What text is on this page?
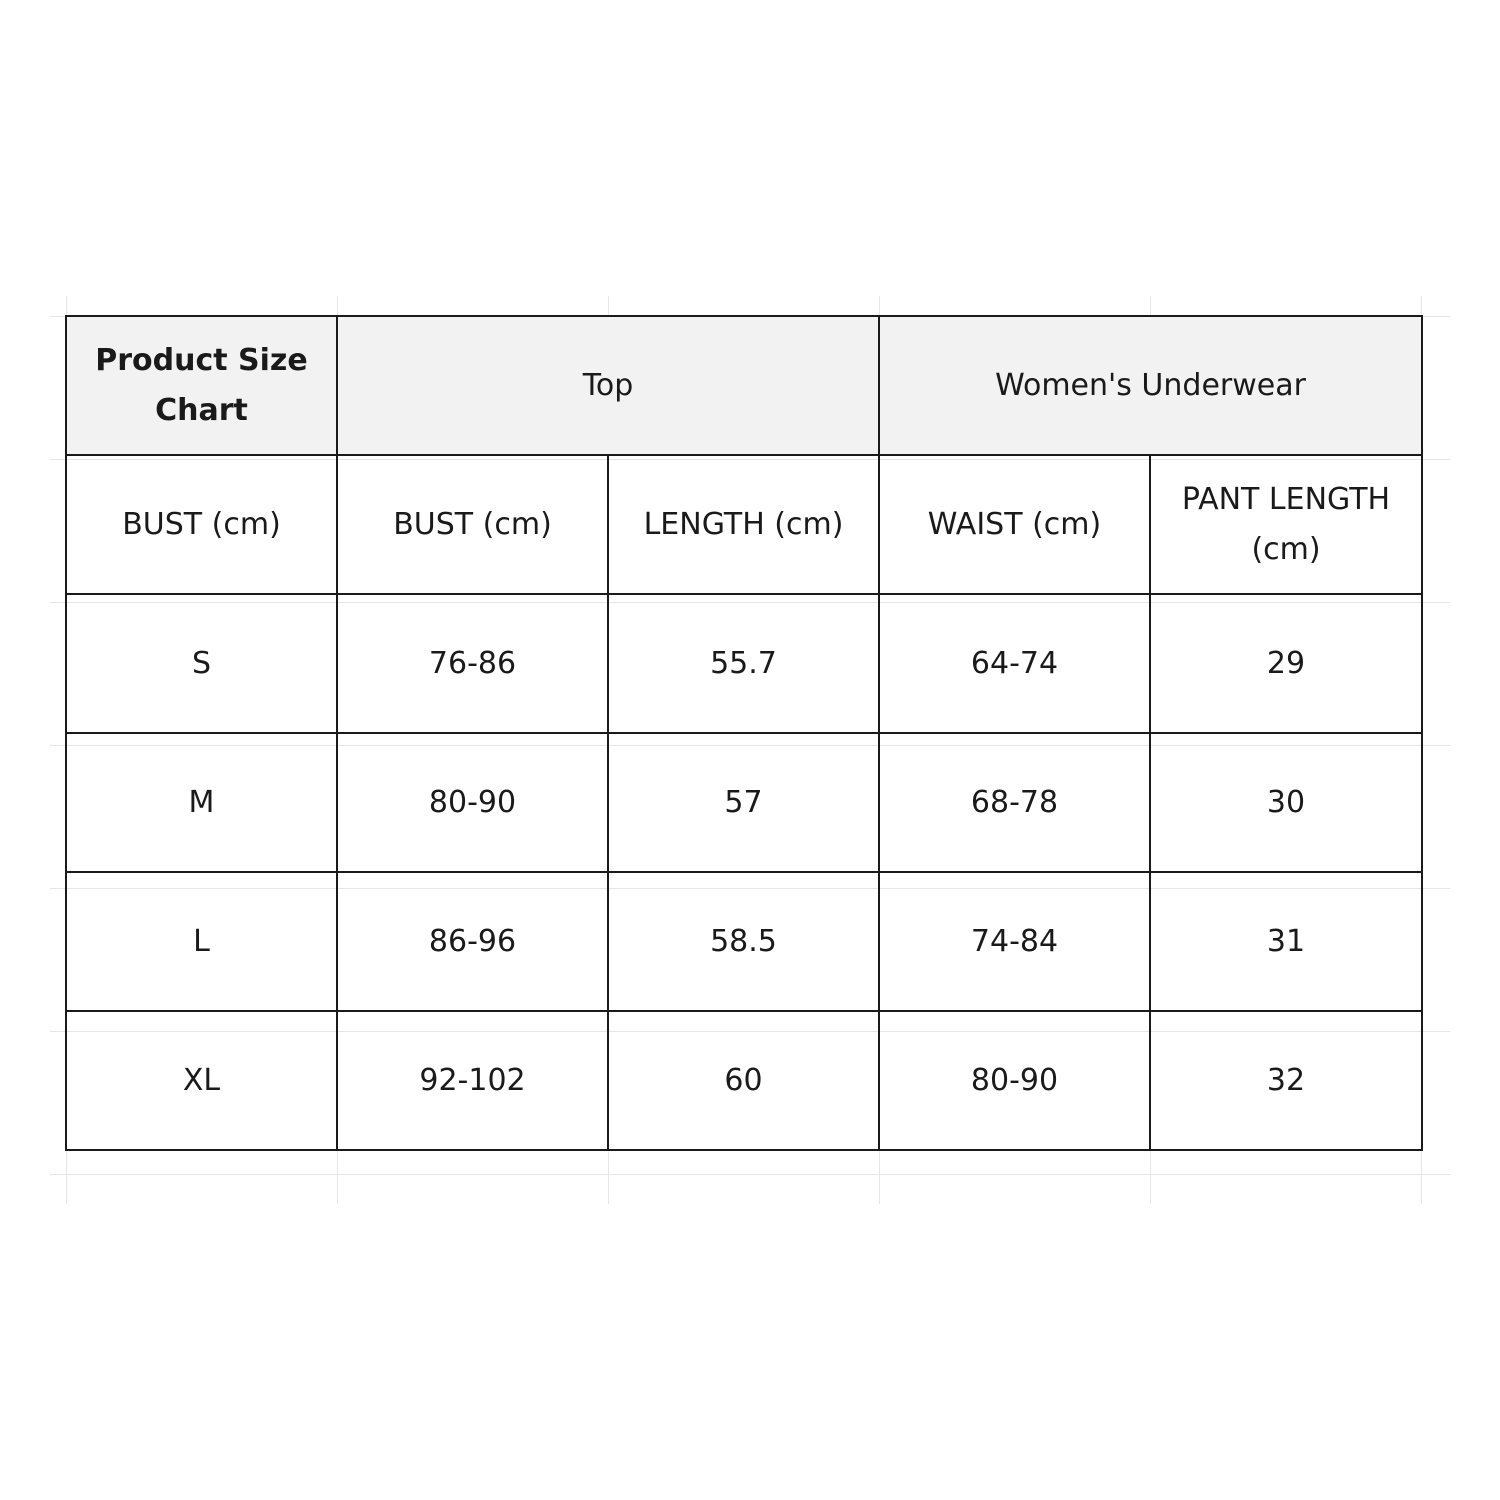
Product Size Chart	Top		Women's Underwear	
BUST (cm)	BUST (cm)	LENGTH (cm)	WAIST (cm)	PANT LENGTH (cm)
S	76-86	55.7	64-74	29
M	80-90	57	68-78	30
L	86-96	58.5	74-84	31
XL	92-102	60	80-90	32
